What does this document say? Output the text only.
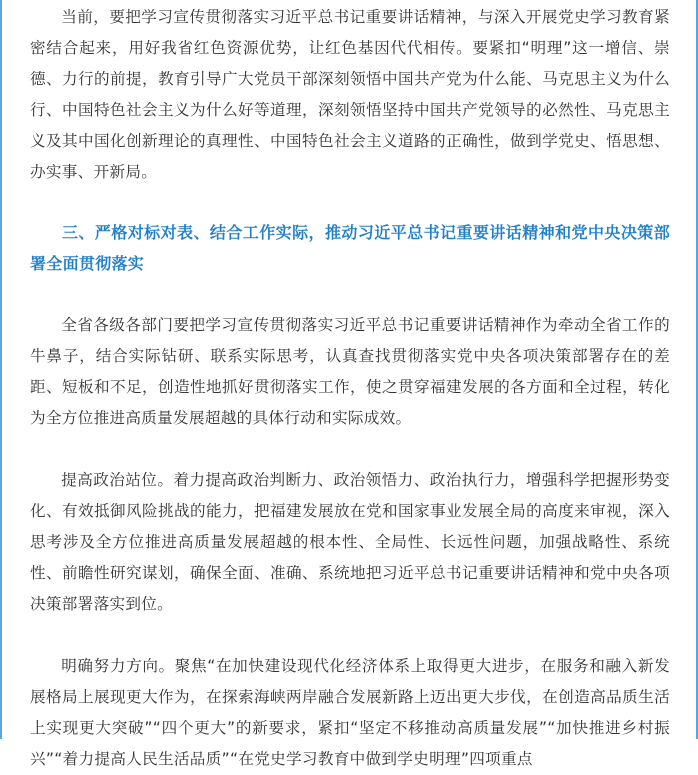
当前，要把学习宣传贯彻落实习近平总书记重要讲话精神，与深入开展党史学习教育紧密结合起来，用好我省红色资源优势，让红色基因代代相传。要紧扣“明理”这一增信、崇德、力行的前提，教育引导广大党员干部深刻领悟中国共产党为什么能、马克思主义为什么行、中国特色社会主义为什么好等道理，深刻领悟坚持中国共产党领导的必然性、马克思主义及其中国化创新理论的真理性、中国特色社会主义道路的正确性，做到学党史、悟思想、办实事、开新局。

三、严格对标对表、结合工作实际，推动习近平总书记重要讲话精神和党中央决策部署全面贯彻落实

全省各级各部门要把学习宣传贯彻落实习近平总书记重要讲话精神作为牵动全省工作的牛鼻子，结合实际钻研、联系实际思考，认真查找贯彻落实党中央各项决策部署存在的差距、短板和不足，创造性地抓好贯彻落实工作，使之贯穿福建发展的各方面和全过程，转化为全方位推进高质量发展超越的具体行动和实际成效。

提高政治站位。着力提高政治判断力、政治领悟力、政治执行力，增强科学把握形势变化、有效抵御风险挑战的能力，把福建发展放在党和国家事业发展全局的高度来审视，深入思考涉及全方位推进高质量发展超越的根本性、全局性、长远性问题，加强战略性、系统性、前瞻性研究谋划，确保全面、准确、系统地把习近平总书记重要讲话精神和党中央各项决策部署落实到位。

明确努力方向。聚焦“在加快建设现代化经济体系上取得更大进步，在服务和融入新发展格局上展现更大作为，在探索海峡两岸融合发展新路上迈出更大步伐，在创造高品质生活上实现更大突破”“四个更大”的新要求，紧扣“坚定不移推动高质量发展”“加快推进乡村振兴”“着力提高人民生活品质”“在党史学习教育中做到学史明理”四项重点
